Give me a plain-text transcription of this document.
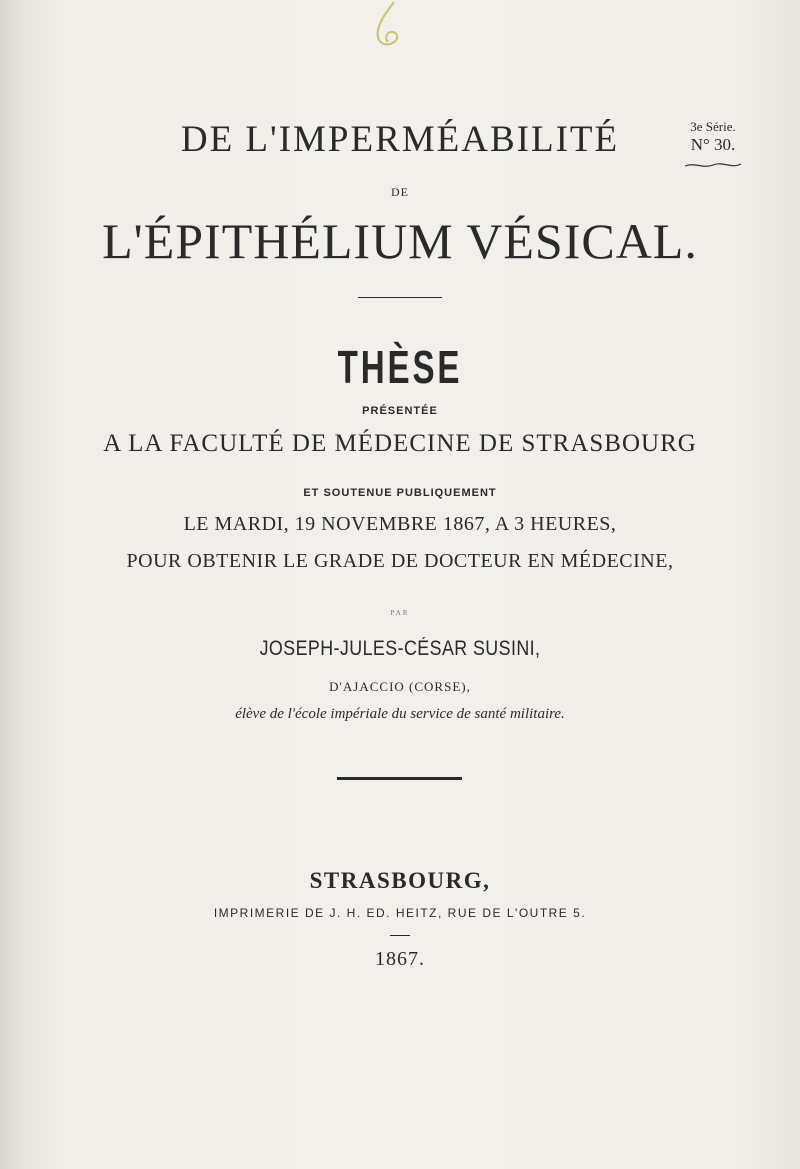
DE L'IMPERMÉABILITÉ
DE
L'ÉPITHÉLIUM VÉSICAL.
3e Série.
N° 30.
THÈSE
PRÉSENTÉE
A LA FACULTÉ DE MÉDECINE DE STRASBOURG
ET SOUTENUE PUBLIQUEMENT
LE MARDI, 19 NOVEMBRE 1867, A 3 HEURES,
POUR OBTENIR LE GRADE DE DOCTEUR EN MÉDECINE,
PAR
JOSEPH-JULES-CÉSAR SUSINI,
D'AJACCIO (CORSE),
élève de l'école impériale du service de santé militaire.
STRASBOURG,
IMPRIMERIE DE J. H. ED. HEITZ, RUE DE L'OUTRE 5.
1867.
